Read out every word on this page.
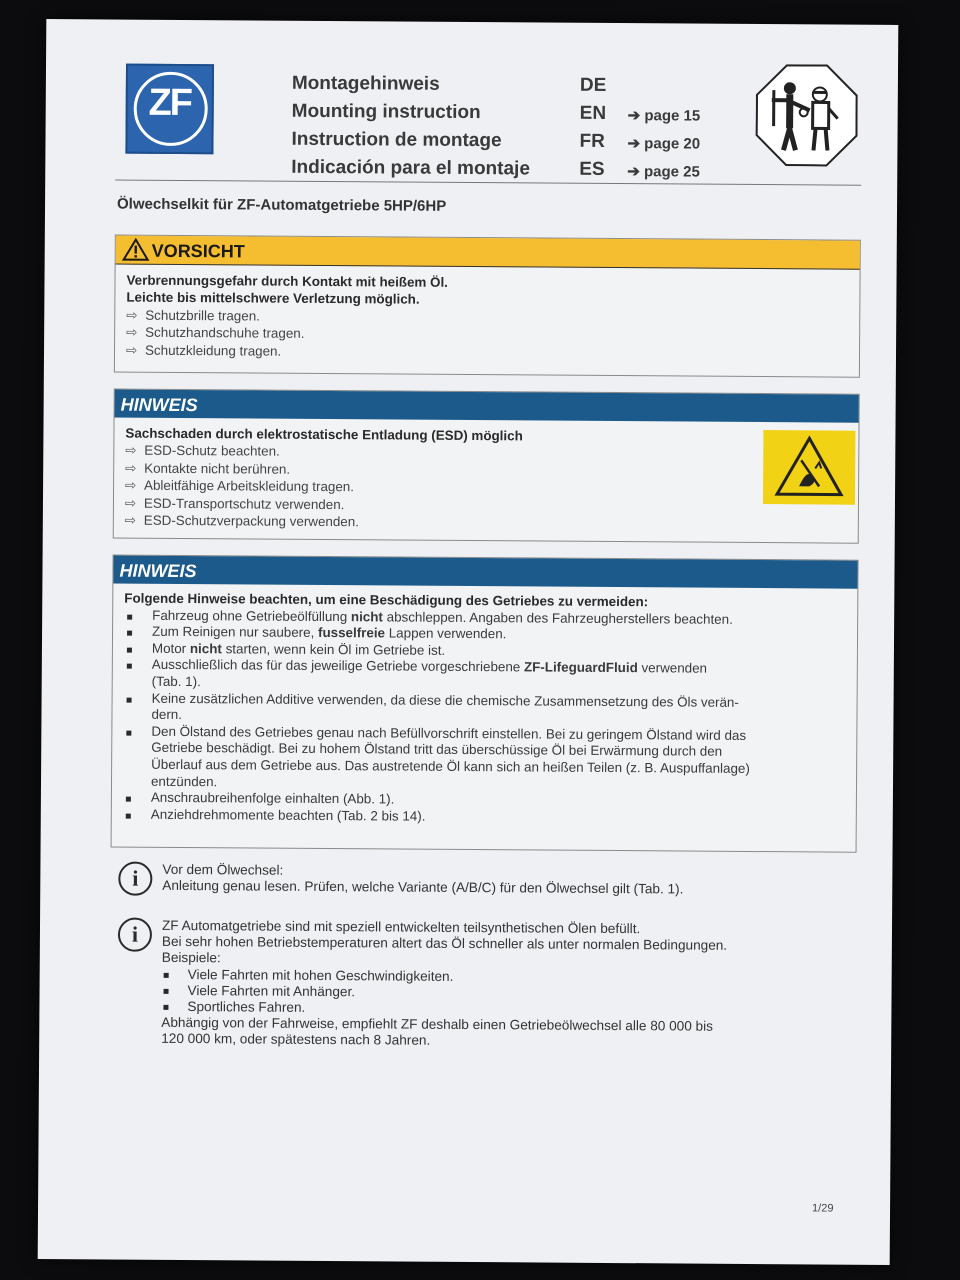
ZF	Montagehinweis	DE
Mounting instruction	EN ➔ page 15
Instruction de montage	FR ➔ page 20
Indicación para el montaje	ES ➔ page 25
Ölwechselkit für ZF-Automatgetriebe 5HP/6HP
VORSICHT
Verbrennungsgefahr durch Kontakt mit heißem Öl.
Leichte bis mittelschwere Verletzung möglich.
⇨ Schutzbrille tragen.
⇨ Schutzhandschuhe tragen.
⇨ Schutzkleidung tragen.
HINWEIS
Sachschaden durch elektrostatische Entladung (ESD) möglich
⇨ ESD-Schutz beachten.
⇨ Kontakte nicht berühren.
⇨ Ableitfähige Arbeitskleidung tragen.
⇨ ESD-Transportschutz verwenden.
⇨ ESD-Schutzverpackung verwenden.
HINWEIS
Folgende Hinweise beachten, um eine Beschädigung des Getriebes zu vermeiden:
Fahrzeug ohne Getriebeölfüllung nicht abschleppen. Angaben des Fahrzeugherstellers beachten.
Zum Reinigen nur saubere, fusselfreie Lappen verwenden.
Motor nicht starten, wenn kein Öl im Getriebe ist.
Ausschließlich das für das jeweilige Getriebe vorgeschriebene ZF-LifeguardFluid verwenden
(Tab. 1).
Keine zusätzlichen Additive verwenden, da diese die chemische Zusammensetzung des Öls verän-
dern.
Den Ölstand des Getriebes genau nach Befüllvorschrift einstellen. Bei zu geringem Ölstand wird das
Getriebe beschädigt. Bei zu hohem Ölstand tritt das überschüssige Öl bei Erwärmung durch den
Überlauf aus dem Getriebe aus. Das austretende Öl kann sich an heißen Teilen (z. B. Auspuffanlage)
entzünden.
Anschraubreihenfolge einhalten (Abb. 1).
Anziehdrehmomente beachten (Tab. 2 bis 14).
i	Vor dem Ölwechsel:
Anleitung genau lesen. Prüfen, welche Variante (A/B/C) für den Ölwechsel gilt (Tab. 1).
i	ZF Automatgetriebe sind mit speziell entwickelten teilsynthetischen Ölen befüllt.
Bei sehr hohen Betriebstemperaturen altert das Öl schneller als unter normalen Bedingungen.
Beispiele:
Viele Fahrten mit hohen Geschwindigkeiten.
Viele Fahrten mit Anhänger.
Sportliches Fahren.
Abhängig von der Fahrweise, empfiehlt ZF deshalb einen Getriebeölwechsel alle 80 000 bis
120 000 km, oder spätestens nach 8 Jahren.
1/29
